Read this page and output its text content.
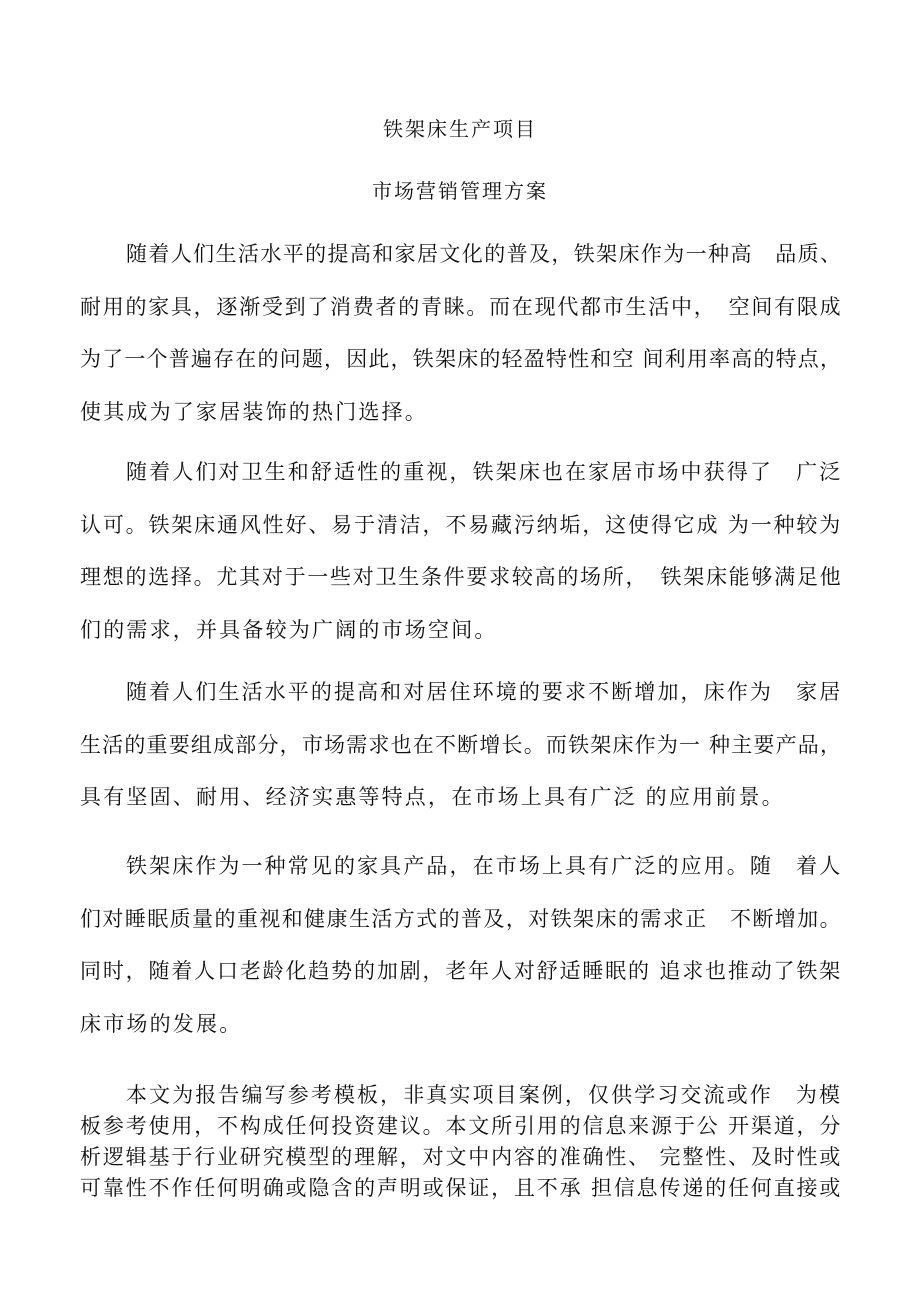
铁架床生产项目
市场营销管理方案
随着人们生活水平的提高和家居文化的普及，铁架床作为一种高　品质、
耐用的家具，逐渐受到了消费者的青睐。而在现代都市生活中，　空间有限成
为了一个普遍存在的问题，因此，铁架床的轻盈特性和空 间利用率高的特点，
使其成为了家居装饰的热门选择。
随着人们对卫生和舒适性的重视，铁架床也在家居市场中获得了　广泛
认可。铁架床通风性好、易于清洁，不易藏污纳垢，这使得它成 为一种较为
理想的选择。尤其对于一些对卫生条件要求较高的场所，　铁架床能够满足他
们的需求，并具备较为广阔的市场空间。
随着人们生活水平的提高和对居住环境的要求不断增加，床作为　家居
生活的重要组成部分，市场需求也在不断增长。而铁架床作为一 种主要产品，
具有坚固、耐用、经济实惠等特点，在市场上具有广泛 的应用前景。
铁架床作为一种常见的家具产品，在市场上具有广泛的应用。随　着人
们对睡眠质量的重视和健康生活方式的普及，对铁架床的需求正　不断增加。
同时，随着人口老龄化趋势的加剧，老年人对舒适睡眠的 追求也推动了铁架
床市场的发展。
本文为报告编写参考模板，非真实项目案例，仅供学习交流或作　为模
板参考使用，不构成任何投资建议。本文所引用的信息来源于公 开渠道，分
析逻辑基于行业研究模型的理解，对文中内容的准确性、 完整性、及时性或
可靠性不作任何明确或隐含的声明或保证，且不承 担信息传递的任何直接或
